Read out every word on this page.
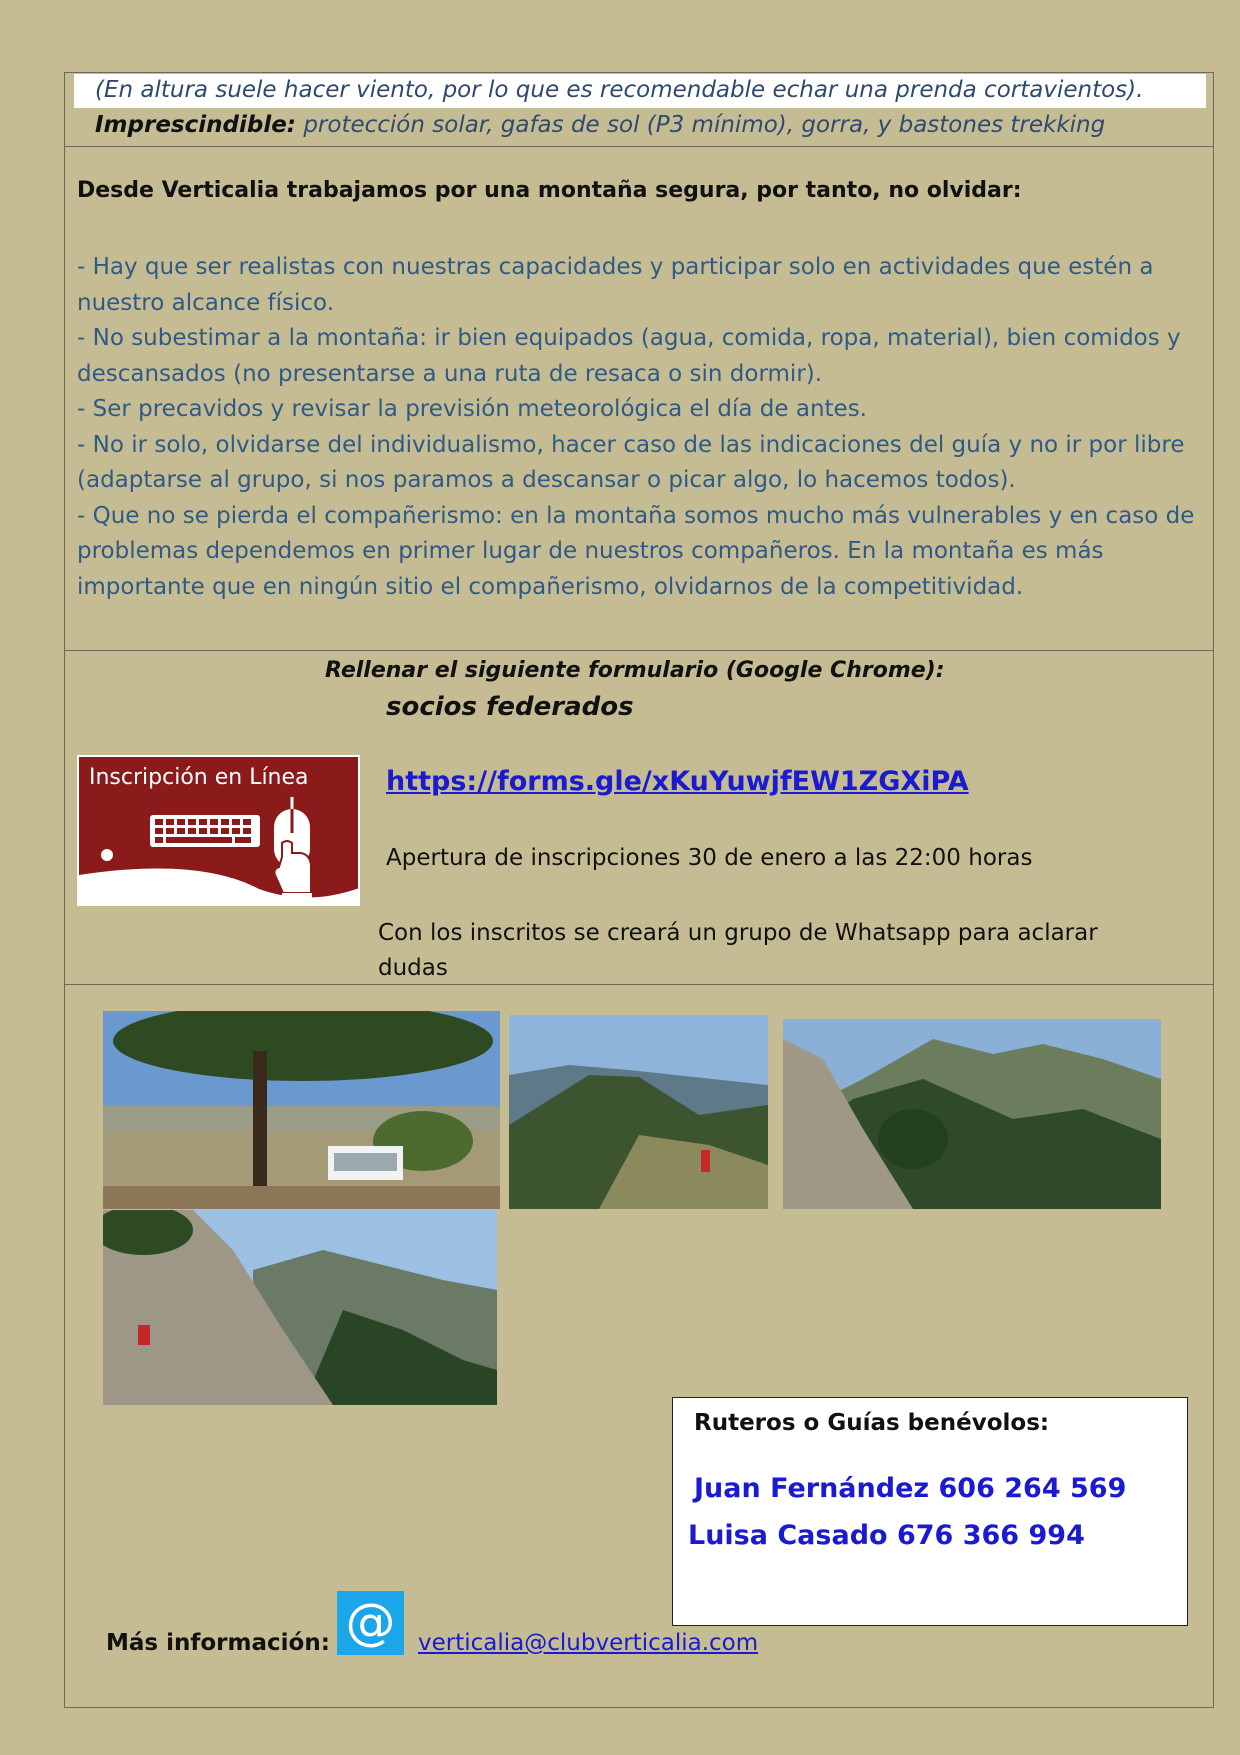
(En altura suele hacer viento, por lo que es recomendable echar una prenda cortavientos).
Imprescindible: protección solar, gafas de sol (P3 mínimo), gorra, y bastones trekking
Desde Verticalia trabajamos por una montaña segura, por tanto, no olvidar:
- Hay que ser realistas con nuestras capacidades y participar solo en actividades que estén a nuestro alcance físico.
- No subestimar a la montaña: ir bien equipados (agua, comida, ropa, material), bien comidos y descansados (no presentarse a una ruta de resaca o sin dormir).
- Ser precavidos y revisar la previsión meteorológica el día de antes.
- No ir solo, olvidarse del individualismo, hacer caso de las indicaciones del guía y no ir por libre (adaptarse al grupo, si nos paramos a descansar o picar algo, lo hacemos todos).
- Que no se pierda el compañerismo: en la montaña somos mucho más vulnerables y en caso de problemas dependemos en primer lugar de nuestros compañeros. En la montaña es más importante que en ningún sitio el compañerismo, olvidarnos de la competitividad.
Rellenar el siguiente formulario (Google Chrome):
socios federados
Inscripción en Línea	https://forms.gle/xKuYuwjfEW1ZGXiPA
Apertura de inscripciones 30 de enero a las 22:00 horas
Con los inscritos se creará un grupo de Whatsapp para aclarar dudas
Ruteros o Guías benévolos:
Juan Fernández 606 264 569
Luisa Casado 676 366 994
Más información: @ verticalia@clubverticalia.com
